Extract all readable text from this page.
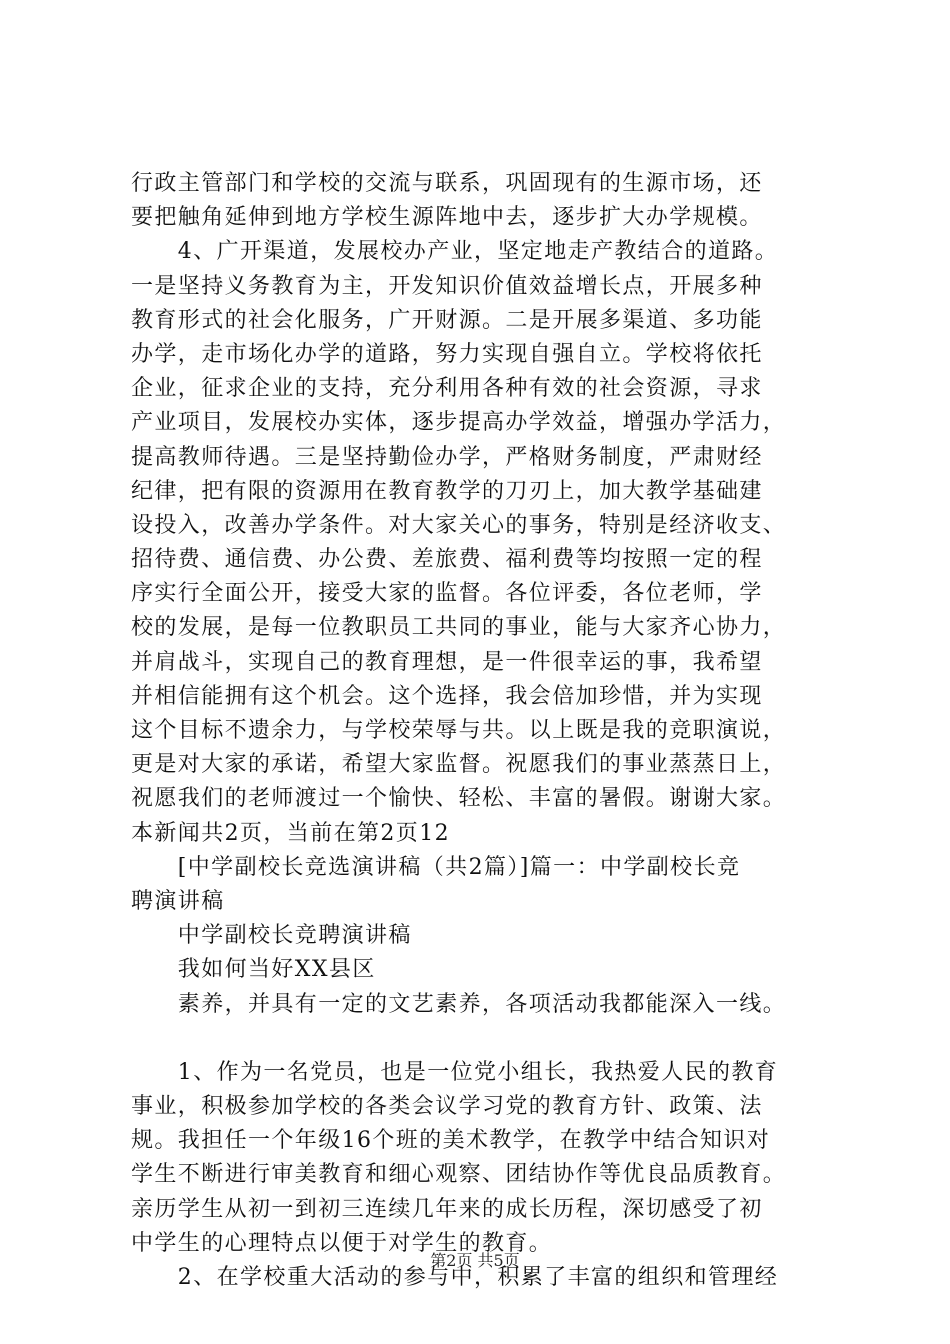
行政主管部门和学校的交流与联系，巩固现有的生源市场，还
要把触角延伸到地方学校生源阵地中去，逐步扩大办学规模。
　　4、广开渠道，发展校办产业，坚定地走产教结合的道路。
一是坚持义务教育为主，开发知识价值效益增长点，开展多种
教育形式的社会化服务，广开财源。二是开展多渠道、多功能
办学，走市场化办学的道路，努力实现自强自立。学校将依托
企业，征求企业的支持，充分利用各种有效的社会资源，寻求
产业项目，发展校办实体，逐步提高办学效益，增强办学活力，
提高教师待遇。三是坚持勤俭办学，严格财务制度，严肃财经
纪律，把有限的资源用在教育教学的刀刃上，加大教学基础建
设投入，改善办学条件。对大家关心的事务，特别是经济收支、
招待费、通信费、办公费、差旅费、福利费等均按照一定的程
序实行全面公开，接受大家的监督。各位评委，各位老师，学
校的发展，是每一位教职员工共同的事业，能与大家齐心协力，
并肩战斗，实现自己的教育理想，是一件很幸运的事，我希望
并相信能拥有这个机会。这个选择，我会倍加珍惜，并为实现
这个目标不遗余力，与学校荣辱与共。以上既是我的竞职演说，
更是对大家的承诺，希望大家监督。祝愿我们的事业蒸蒸日上，
祝愿我们的老师渡过一个愉快、轻松、丰富的暑假。谢谢大家。
本新闻共2页，当前在第2页12
　　[中学副校长竞选演讲稿（共2篇）]篇一：中学副校长竞
聘演讲稿
　　中学副校长竞聘演讲稿
　　我如何当好XX县区
　　素养，并具有一定的文艺素养，各项活动我都能深入一线。
　　1、作为一名党员，也是一位党小组长，我热爱人民的教育
事业，积极参加学校的各类会议学习党的教育方针、政策、法
规。我担任一个年级16个班的美术教学，在教学中结合知识对
学生不断进行审美教育和细心观察、团结协作等优良品质教育。
亲历学生从初一到初三连续几年来的成长历程，深切感受了初
中学生的心理特点以便于对学生的教育。
　　2、在学校重大活动的参与中，积累了丰富的组织和管理经
第2页 共5页
